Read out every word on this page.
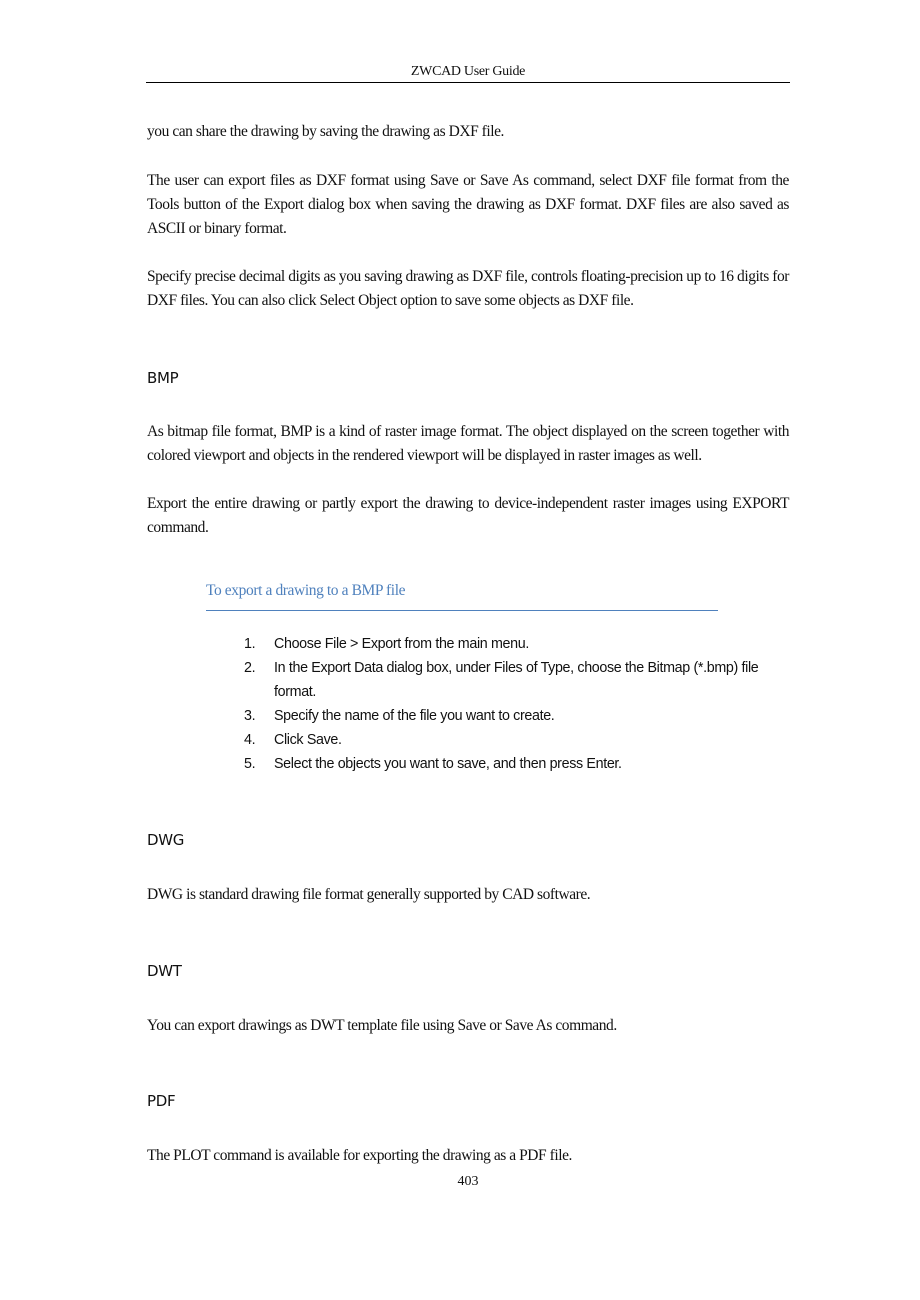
ZWCAD User Guide

you can share the drawing by saving the drawing as DXF file.

The user can export files as DXF format using Save or Save As command, select DXF file format from the Tools button of the Export dialog box when saving the drawing as DXF format. DXF files are also saved as ASCII or binary format.

Specify precise decimal digits as you saving drawing as DXF file, controls floating-precision up to 16 digits for DXF files. You can also click Select Object option to save some objects as DXF file.

BMP

As bitmap file format, BMP is a kind of raster image format. The object displayed on the screen together with colored viewport and objects in the rendered viewport will be displayed in raster images as well.

Export the entire drawing or partly export the drawing to device-independent raster images using EXPORT command.

To export a drawing to a BMP file
1. Choose File > Export from the main menu.
2. In the Export Data dialog box, under Files of Type, choose the Bitmap (*.bmp) file format.
3. Specify the name of the file you want to create.
4. Click Save.
5. Select the objects you want to save, and then press Enter.
DWG

DWG is standard drawing file format generally supported by CAD software.

DWT

You can export drawings as DWT template file using Save or Save As command.

PDF

The PLOT command is available for exporting the drawing as a PDF file.

403
